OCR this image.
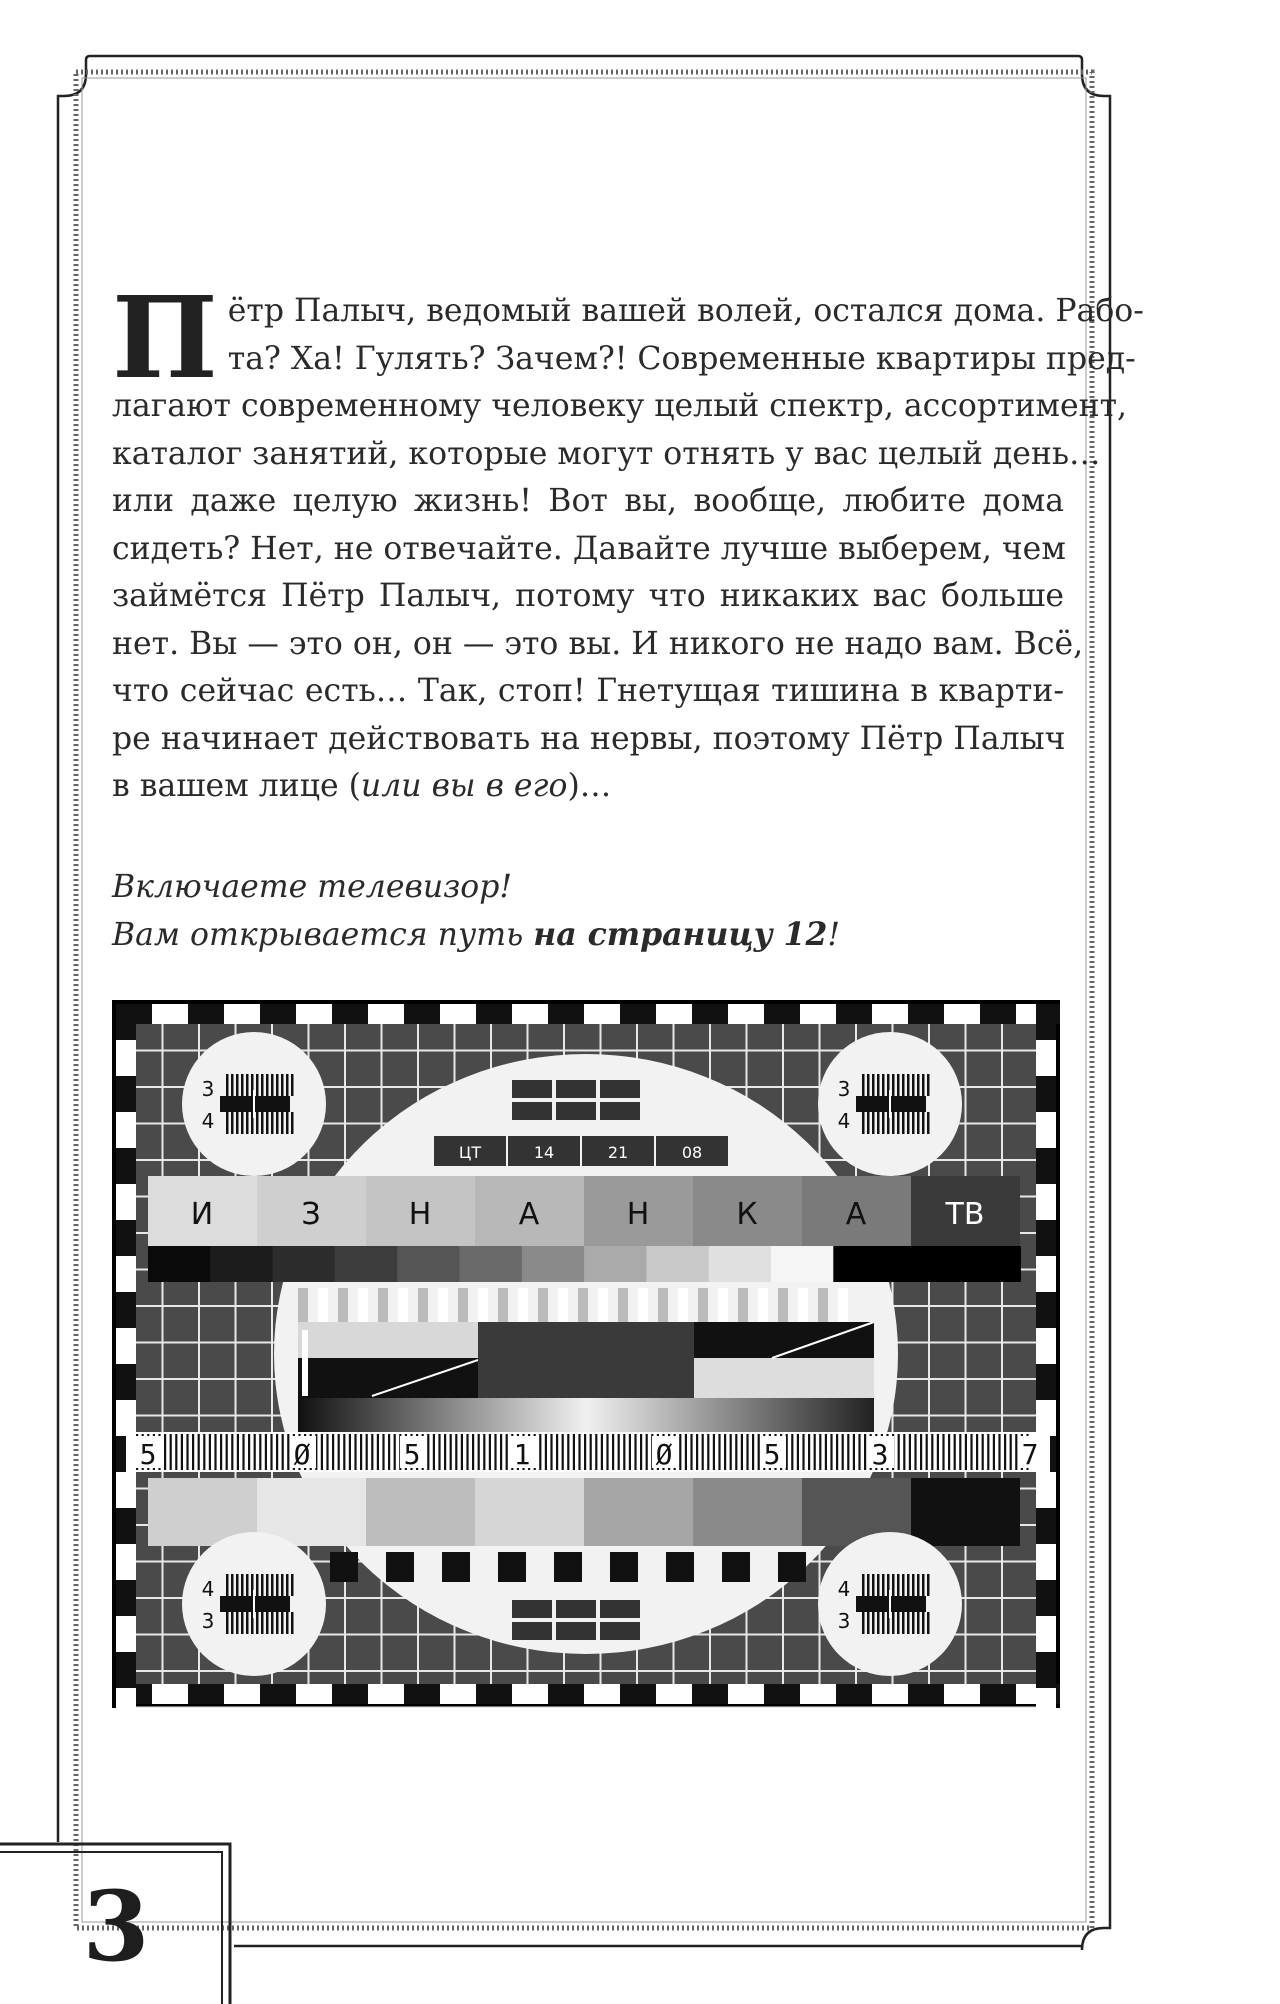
П ётр Палыч, ведомый вашей волей, остался дома. Рабо-
та? Ха! Гулять? Зачем?! Современные квартиры пред-
лагают современному человеку целый спектр, ассортимент,
каталог занятий, которые могут отнять у вас целый день…
или даже целую жизнь! Вот вы, вообще, любите дома
сидеть? Нет, не отвечайте. Давайте лучше выберем, чем
займётся Пётр Палыч, потому что никаких вас больше
нет. Вы — это он, он — это вы. И никого не надо вам. Всё,
что сейчас есть… Так, стоп! Гнетущая тишина в кварти-
ре начинает действовать на нервы, поэтому Пётр Палыч
в вашем лице (или вы в его)…
Включаете телевизор!
Вам открывается путь на страницу 12!
ЦТ	14	21	08
И	З	Н	А	Н	К	А	ТВ
5	Ø	5	1	Ø	5	3	7
3
4
3
4
4
3
4
3
3
